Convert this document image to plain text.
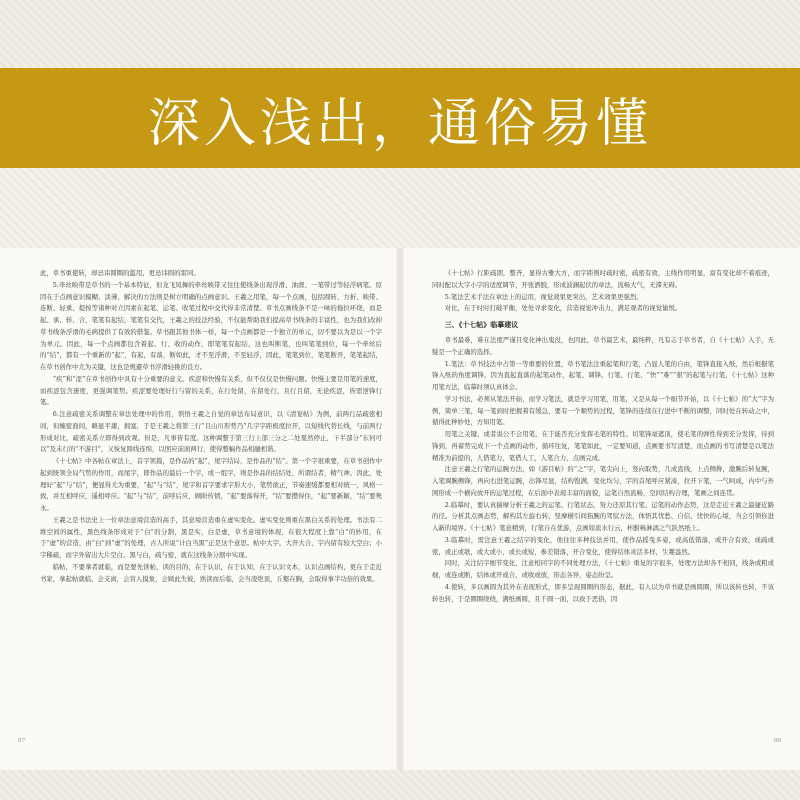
深入浅出，通俗易懂

此，草书重使转，却忌讳圆圈的滥用，更忌讳圆的雷同。

5.牵丝映带是草书的一个基本特征，但龙飞凤舞的牵丝映带又往往使线条出现浮滑、油滑、一笔带过等轻浮病笔。原因在于点画意识模糊、淡薄，解决的方法则是树立明确的点画意识。王羲之用笔，每一个点画，包括圆转、方折、映带、连断、轻重、提按等诸种对立因素在起笔、运笔、收笔过程中交代得非常清楚。草书点画线条不是一味的拖拉环绕，而是起、承、转、合，笔笔有起结，笔笔有交代，王羲之的技法经验，不仅能帮助我们提高草书线条的丰富性，也为我们改掉草书线条浮滑的毛病提供了有效的借鉴。草书跟其他书体一样，每一个点画都是一个独立的单元，切不要以为是以一个字为单元。因此，每一个点画都包含着起、行、收的动作，即笔笔有起结，这也叫断笔，也叫笔笔到位，每一个牵丝后的“结”，都有一个重新的“起”，有起，有落，断如此，才不至浮滑，不至轻浮，因此，笔笔到位，笔笔断开，笔笔起结，在草书创作中尤为关键，这也是规避草书浮滑轻挑的良方。

“疾”和“涩”在草书创作中具有十分重要的意义。疾涩和快慢有关系，但不仅仅是快慢问题。快慢主要是用笔的速度，而疾涩包含速度，更强调笔势。疾涩要处理好行与留的关系，在行处留，在留处行，且行且留，无论疾涩，皆需逆锋行笔。

6.注意疏密关系调整在章法处理中的作用，领悟王羲之自觉的章法布局意识，以《清宴帖》为例，前两行品疏密相间，但缠密面间，略显平庸，拥塞，于是王羲之将第三行“且山川形势乃”几字字距极度拉开，以短线代替长线，与前两行形成对比，疏密关系立即得到改观。但是，凡事皆有度。这种调整于第三行上部三分之二处戛然停止，下半部分“东何可以”及末行的“不游目”，又恢复圆线连绵，以照应前面两行，使得整幅作品相融相谐。

《十七帖》中各帖在章法上，首字领篇，是作品的“起”，尾字结局，是作品的“结”。第一个字很重要，在草书创作中起到统领全局气势的作用，而尾字，即作品的最后一个字，或一组字，则是作品的结结处，所谓结者，精气神。因此，处理好“起”与“结”，便显得尤为重要，“起”与“结”，尾字和首字要求字形大小，笔势欲正，节奏速缓都要相对统一，风格一致，并互相呼应，遥相呼应。“起”与“结”，前呼后应，顾盼传情，“起”要落得开，“结”要攒得住，“起”要新颖，“结”要隽永。

王羲之是书法史上一位章法意境营造的高手，其意境营造重在虚实变化。虚实变化则重在黑白关系的处理。书法有二维空间的属性，黑色线条形成对于“白”的分割，黑是实，白是虚，草书意境的体现，在很大程度上靠“白”的妙用，在于“虚”的营造，由“白”到“虚”的处理，古人所说“计白当黑”正是这个意思。帖中大字，大开大合，字内留有较大空白；小字稀疏，而字外留出大片空白。黑与白，疏与密，就在这线条分割中实现。

临帖，不要拿者就临，而是要先读帖，读的目的，在于认识，在于认知，在于认识文本，认识点画结构，更在于走近书家，拿起帖就临，会支离，会盲人摸象，会顾此失彼，熟读而后临，会当凌绝顶，丘壑在胸，会取得事半功倍的效果。

《十七帖》行距疏朗，整齐，显得古雅大方，而字距则时疏时密，疏密有致，主线作用明显，富有变化却不着痕迹，同时配以大字小字的适度调节，开张洒脱，形成波澜起伏的章法，流畅大气，无滞无碍。

5.笔法艺术手法在章法上的运用，视觉效果更突出，艺术效果更强烈。

对比，在于时时打破平衡，处处寻求变化，营造视觉冲击力，满足观者的视觉愉悦。

三、《十七帖》临摹建议

草书最难，难在法度严谨且变化神出鬼没，也因此，草书最艺术，最纯粹，凡有志于草书者，自《十七帖》入手，无疑是一个正确的选择。

1.笔法：草书技法中占第一等重要的位置，草书笔法注重起笔和行笔，凸显人笔的自由，笔锋直接入纸，然后根据笔锋入纸的角度调锋，因为直起直落的起笔动作，起笔、调锋、行笔、行笔、“快”“难”“狠”的起笔与行笔，《十七帖》这种用笔方法，临摹时须认真体会。

学习书法，必须从笔法开始，而学习笔法，就是学习用笔，用笔，又是从每一个细节开始，以《十七帖》的“大”字为例，简单三笔，每一笔到时把握着有缓急，要有一个顺势的过程，笔锋的连续在行进中不断的调整，同时处在转动之中，循得此种妙处，方知用笔。

用笔之关键，或者说公不会用笔，在于能否充分发挥毛笔的特性。切笔锋毫遮顶，使毛笔的弹性得到充分发挥，待到锋到，再蓄势完成下一个点画的动作，循环往复，笔笔如此，一定要知道，点画要书写清楚，而点画的书写清楚是以笔法精准为前提的，人借笔力，笔借人工，人笔合力，点画完成。

注意王羲之行笔的运腕方法，如《游目帖》的“之”字，笔尖向上，竖向取势，几成直线，上点侧搀，激腕后转复腕，入笔调腕侧锋，再向右进笔运腕，出锋尽显，结构饱满，变化均匀，字的首尾呼应紧凑，拉开下笔，一气呵成，内中与外围形成一个横向放开的运笔过程，在后面中表现丰富的面貌，运笔自然流畅，空间结构合理，笔画之间连贯。

2.临摹时，要认真揣摩分析王羲之的运笔、行笔状态，努力还原其行笔、运笔的动作态势，这是走近王羲之最捷近路的径。分析其点画态势，解构其左旋右转、竖摩横引间指腕的驾驭方法，体悟其忧愁、自信、忧快的心境，当会引领你进入新的境界。《十七帖》笔意精到，行笔自在优游，点画如流水行云，杯酣畅淋漓之气跃然纸上。

3.临摹时，需注意王羲之结字的变化，他往往多种技法并用，使作品摇曳多姿，或高低错落，或开合有致，或疏或密，或正或欹，或大或小，或长或短，参差错落，开合变化，使得结体灵活多样，生趣盎然。

同时，关注结字细节变化，注意相同字的不同处理方法，《十七帖》重复的字很多，处理方法却各不相同，线条或粗或细，或连或断，结体或开或合，或收或放，形态各异，姿态纷呈。

4.使转，多以画圆为其外在表现形式，即多呈现圆圈的形态，据此，有人以为草书就是画圆圈，所以该转也转，不该转也转，于是圈圈绕绕，满纸画圆，且千圆一面，以致于恶俗，因

07	06
